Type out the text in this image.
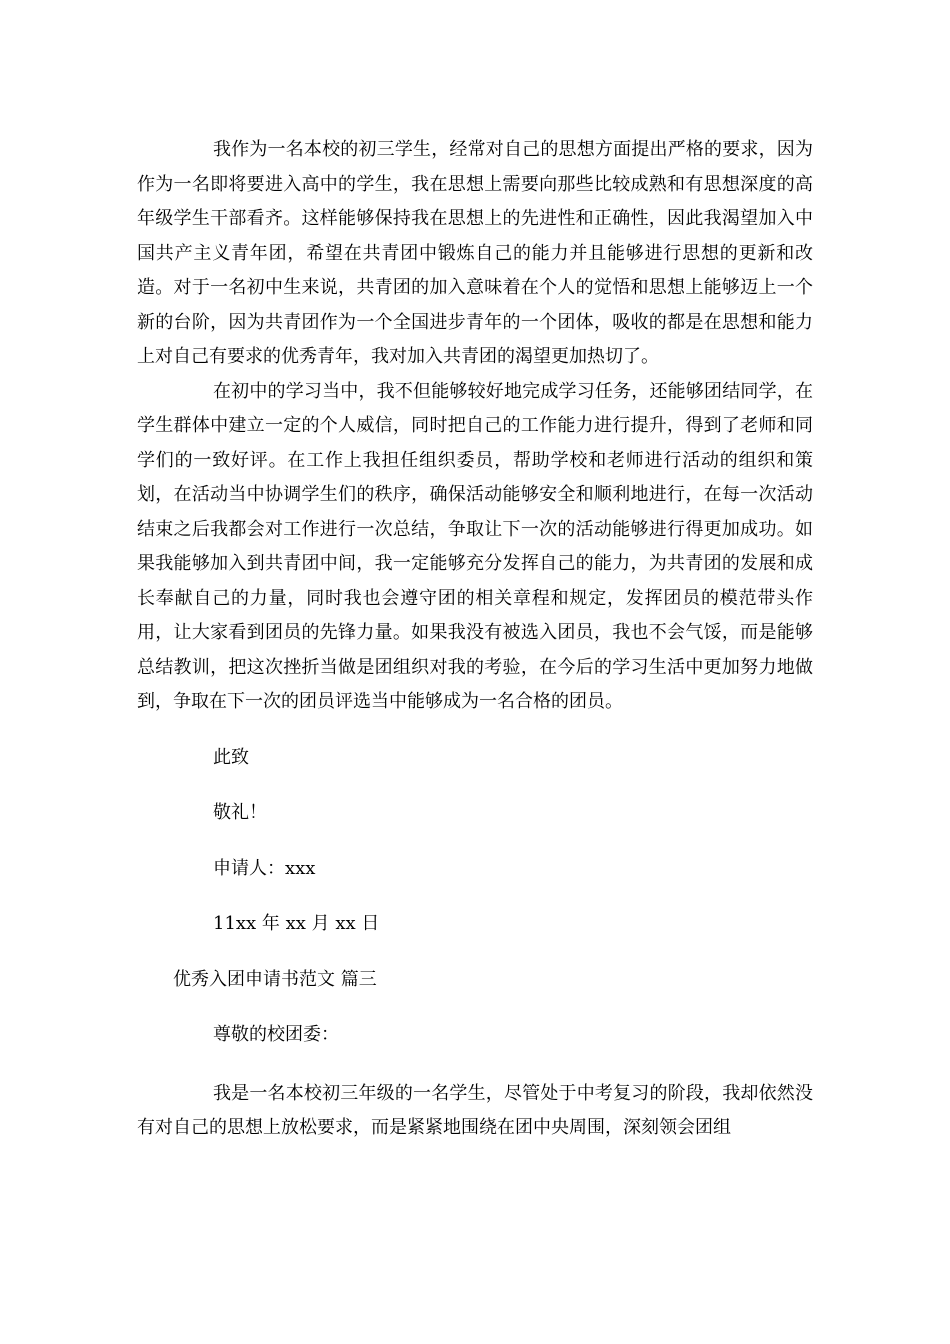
我作为一名本校的初三学生，经常对自己的思想方面提出严格的要求，因为作为一名即将要进入高中的学生，我在思想上需要向那些比较成熟和有思想深度的高年级学生干部看齐。这样能够保持我在思想上的先进性和正确性，因此我渴望加入中国共产主义青年团，希望在共青团中锻炼自己的能力并且能够进行思想的更新和改造。对于一名初中生来说，共青团的加入意味着在个人的觉悟和思想上能够迈上一个新的台阶，因为共青团作为一个全国进步青年的一个团体，吸收的都是在思想和能力上对自己有要求的优秀青年，我对加入共青团的渴望更加热切了。

在初中的学习当中，我不但能够较好地完成学习任务，还能够团结同学，在学生群体中建立一定的个人威信，同时把自己的工作能力进行提升，得到了老师和同学们的一致好评。在工作上我担任组织委员，帮助学校和老师进行活动的组织和策划，在活动当中协调学生们的秩序，确保活动能够安全和顺利地进行，在每一次活动结束之后我都会对工作进行一次总结，争取让下一次的活动能够进行得更加成功。如果我能够加入到共青团中间，我一定能够充分发挥自己的能力，为共青团的发展和成长奉献自己的力量，同时我也会遵守团的相关章程和规定，发挥团员的模范带头作用，让大家看到团员的先锋力量。如果我没有被选入团员，我也不会气馁，而是能够总结教训，把这次挫折当做是团组织对我的考验，在今后的学习生活中更加努力地做到，争取在下一次的团员评选当中能够成为一名合格的团员。

此致

敬礼！

申请人：xxx

11xx 年 xx 月 xx 日

优秀入团申请书范文 篇三

尊敬的校团委：

我是一名本校初三年级的一名学生，尽管处于中考复习的阶段，我却依然没有对自己的思想上放松要求，而是紧紧地围绕在团中央周围，深刻领会团组
